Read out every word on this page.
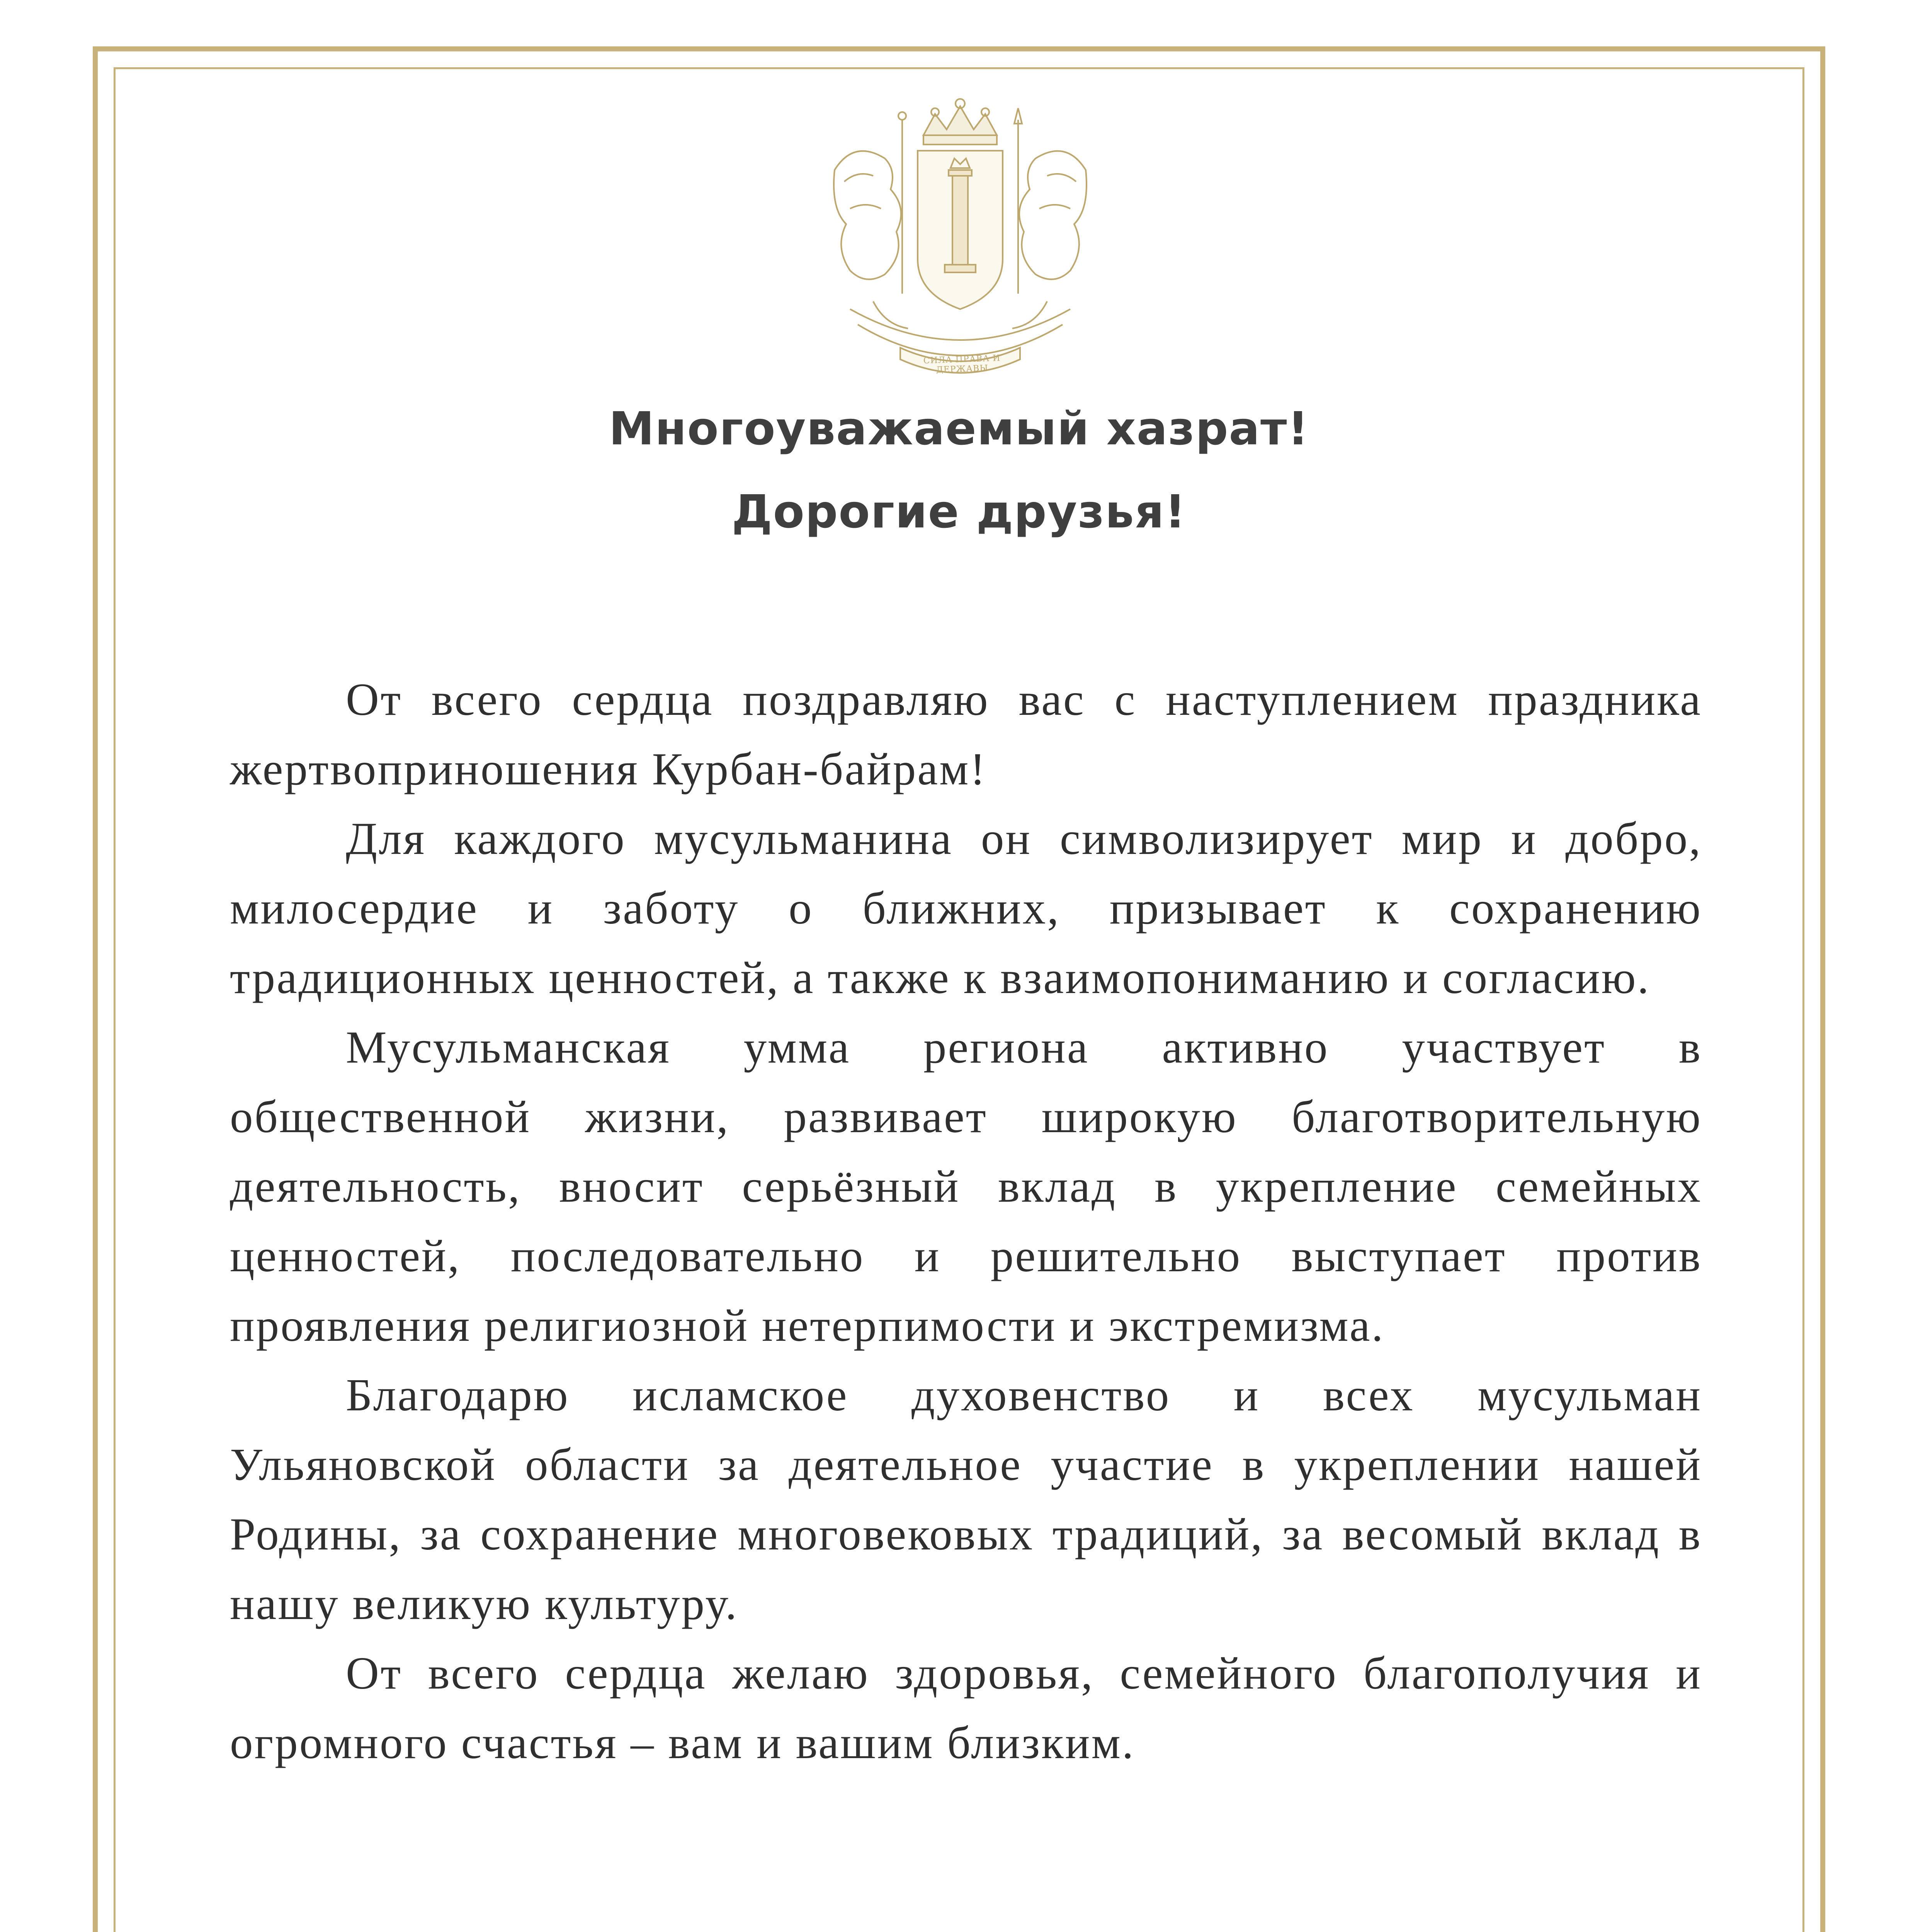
СИЛА ПРАВА И ДЕРЖАВЫ
Многоуважаемый хазрат!
Дорогие друзья!

От всего сердца поздравляю вас с наступлением праздника жертвоприношения Курбан-байрам!

Для каждого мусульманина он символизирует мир и добро, милосердие и заботу о ближних, призывает к сохранению традиционных ценностей, а также к взаимопониманию и согласию.

Мусульманская умма региона активно участвует в общественной жизни, развивает широкую благотворительную деятельность, вносит серьёзный вклад в укрепление семейных ценностей, последовательно и решительно выступает против проявления религиозной нетерпимости и экстремизма.

Благодарю исламское духовенство и всех мусульман Ульяновской области за деятельное участие в укреплении нашей Родины, за сохранение многовековых традиций, за весомый вклад в нашу великую культуру.

От всего сердца желаю здоровья, семейного благополучия и огромного счастья – вам и вашим близким.
